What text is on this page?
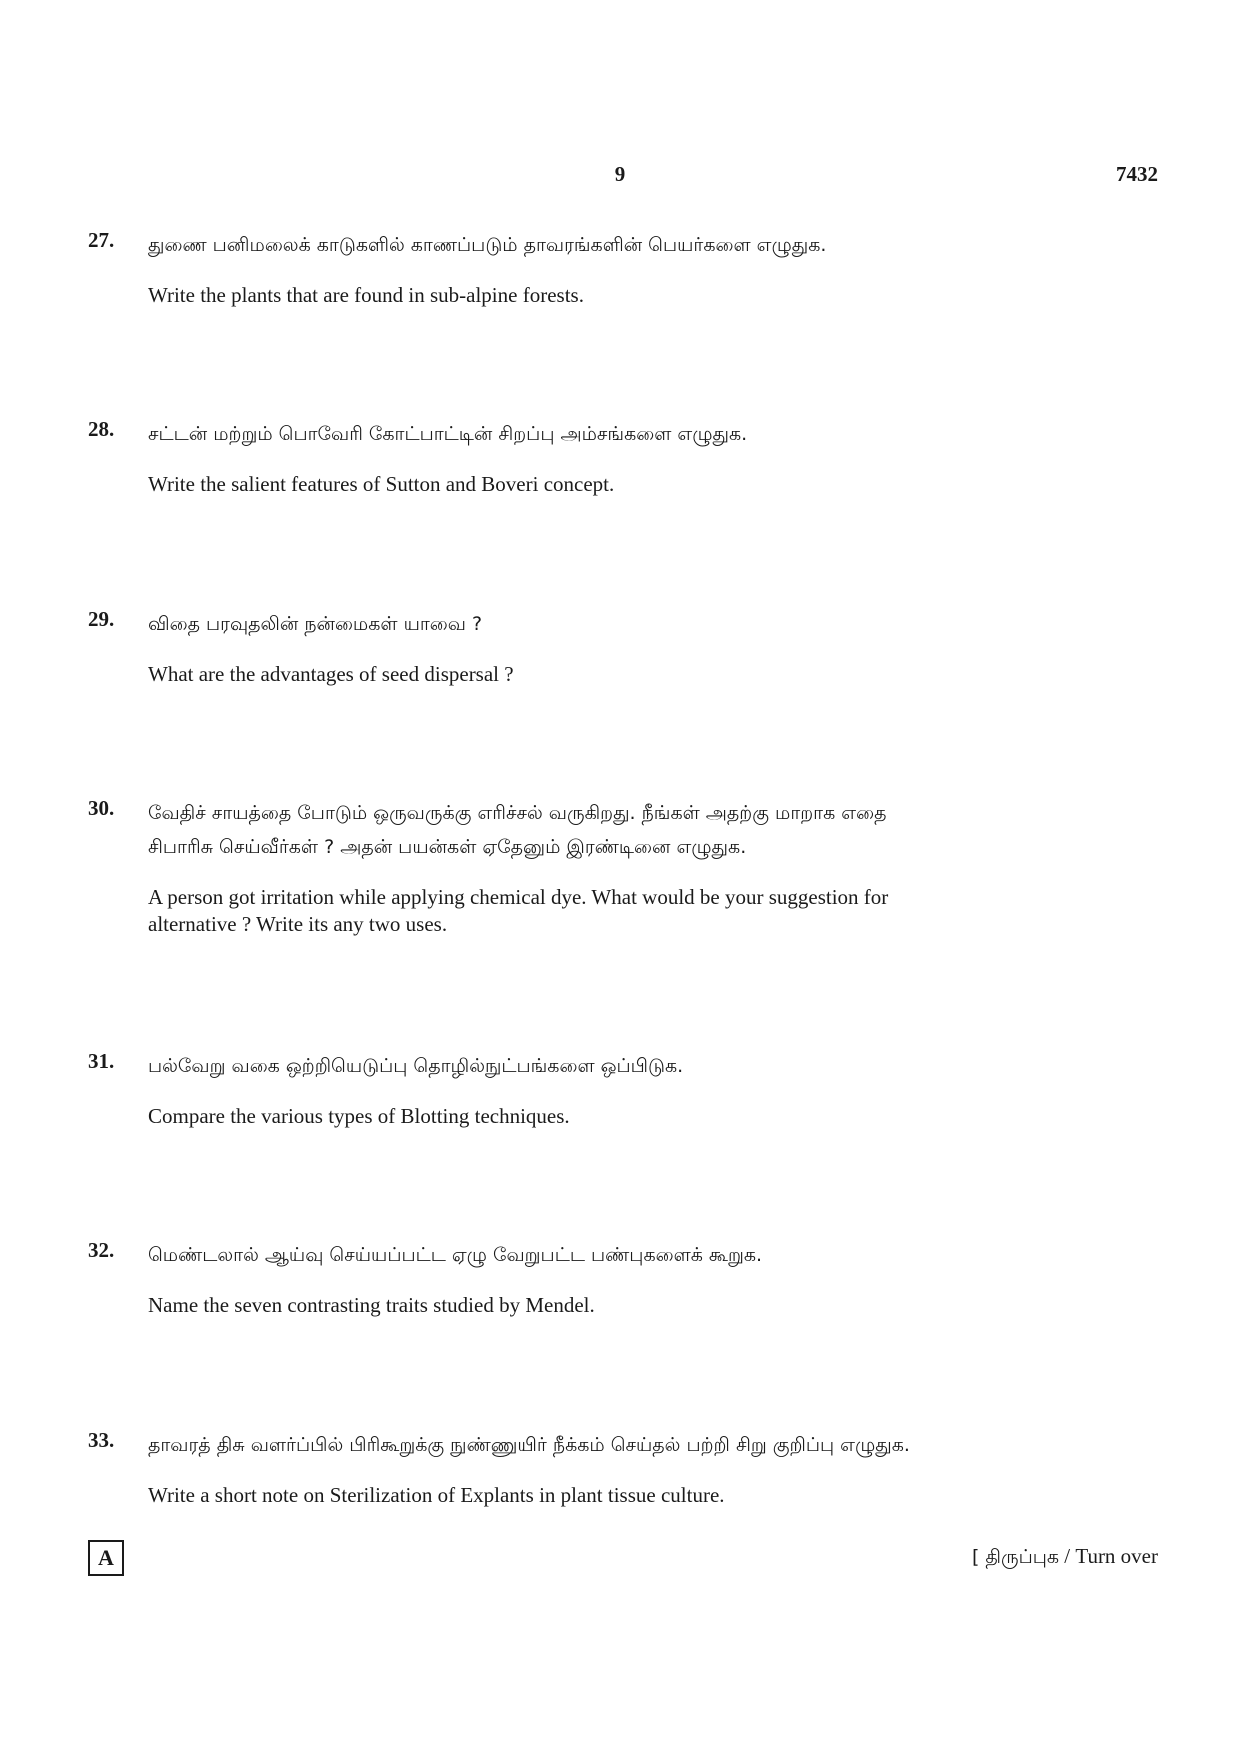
9	7432
27. துணை பனிமலைக் காடுகளில் காணப்படும் தாவரங்களின் பெயர்களை எழுதுக.
Write the plants that are found in sub-alpine forests.
28. சட்டன் மற்றும் பொவேரி கோட்பாட்டின் சிறப்பு அம்சங்களை எழுதுக.
Write the salient features of Sutton and Boveri concept.
29. விதை பரவுதலின் நன்மைகள் யாவை ?
What are the advantages of seed dispersal ?
30. வேதிச் சாயத்தை போடும் ஒருவருக்கு எரிச்சல் வருகிறது. நீங்கள் அதற்கு மாறாக எதை
சிபாரிசு செய்வீர்கள் ? அதன் பயன்கள் ஏதேனும் இரண்டினை எழுதுக.
A person got irritation while applying chemical dye. What would be your suggestion for
alternative ? Write its any two uses.
31. பல்வேறு வகை ஒற்றியெடுப்பு தொழில்நுட்பங்களை ஒப்பிடுக.
Compare the various types of Blotting techniques.
32. மெண்டலால் ஆய்வு செய்யப்பட்ட ஏழு வேறுபட்ட பண்புகளைக் கூறுக.
Name the seven contrasting traits studied by Mendel.
33. தாவரத் திசு வளர்ப்பில் பிரிகூறுக்கு நுண்ணுயிர் நீக்கம் செய்தல் பற்றி சிறு குறிப்பு எழுதுக.
Write a short note on Sterilization of Explants in plant tissue culture.
A	[ திருப்புக / Turn over
